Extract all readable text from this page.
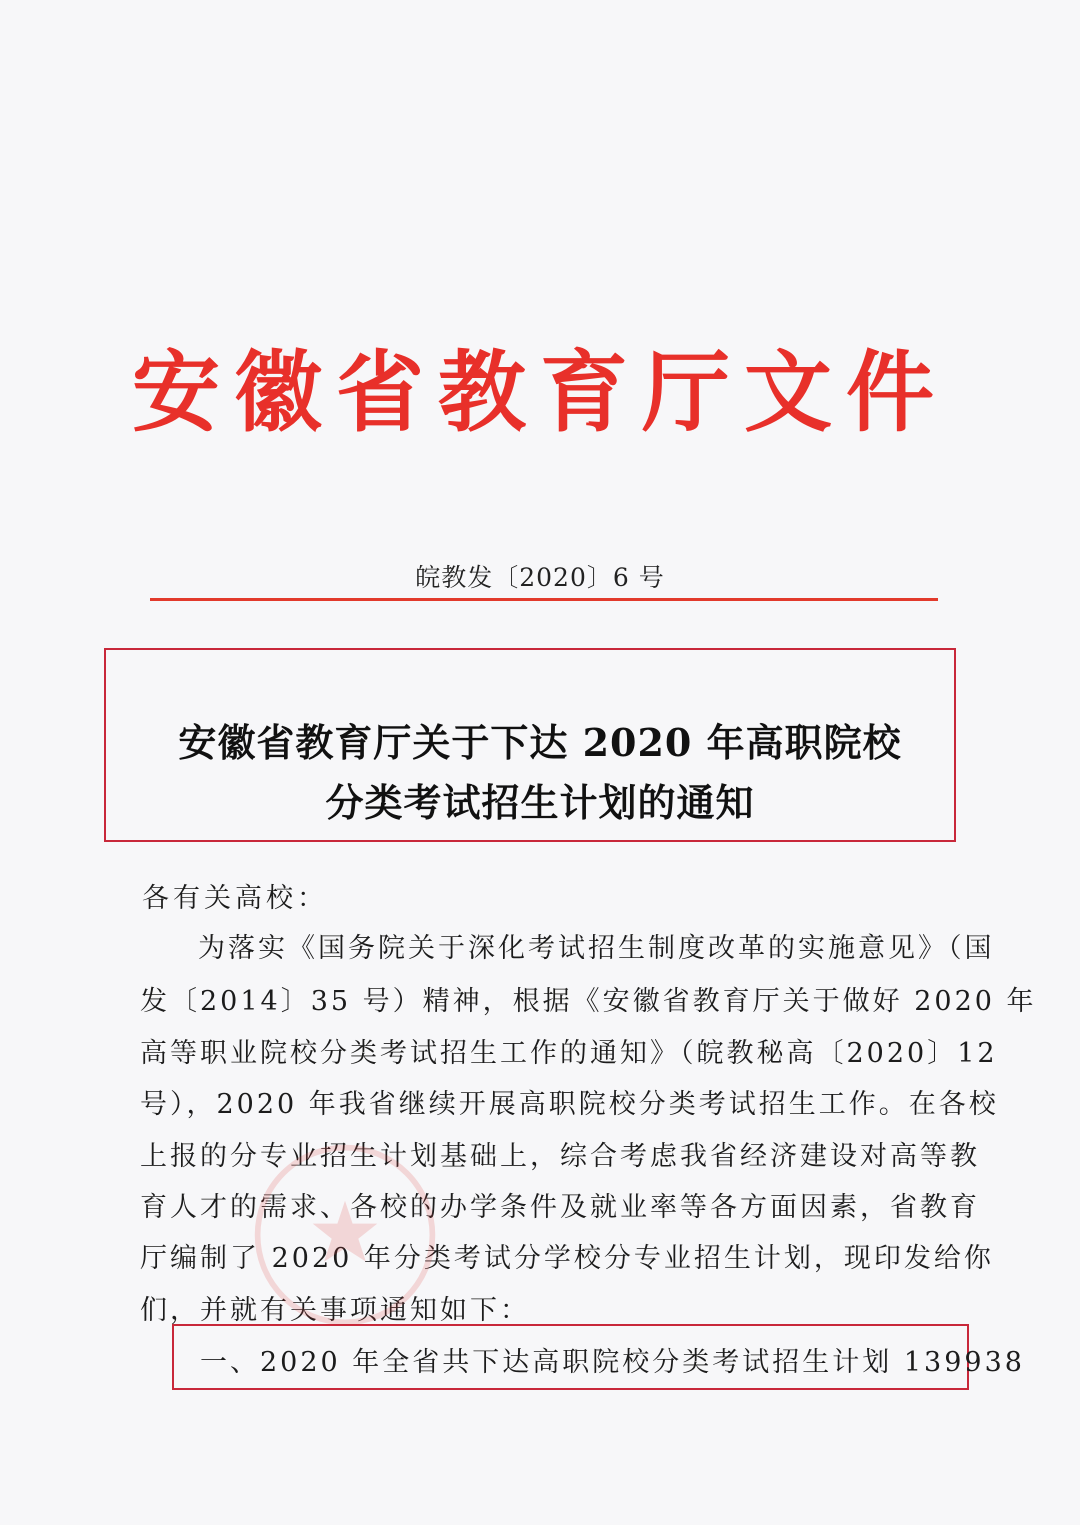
安徽省教育厅文件
皖教发〔2020〕6 号
安徽省教育厅关于下达 2020 年高职院校
分类考试招生计划的通知
各有关高校：
为落实《国务院关于深化考试招生制度改革的实施意见》（国
发〔2014〕35 号）精神，根据《安徽省教育厅关于做好 2020 年
高等职业院校分类考试招生工作的通知》（皖教秘高〔2020〕12
号），2020 年我省继续开展高职院校分类考试招生工作。在各校
上报的分专业招生计划基础上，综合考虑我省经济建设对高等教
育人才的需求、各校的办学条件及就业率等各方面因素，省教育
厅编制了 2020 年分类考试分学校分专业招生计划，现印发给你
们，并就有关事项通知如下：
一、2020 年全省共下达高职院校分类考试招生计划 139938
